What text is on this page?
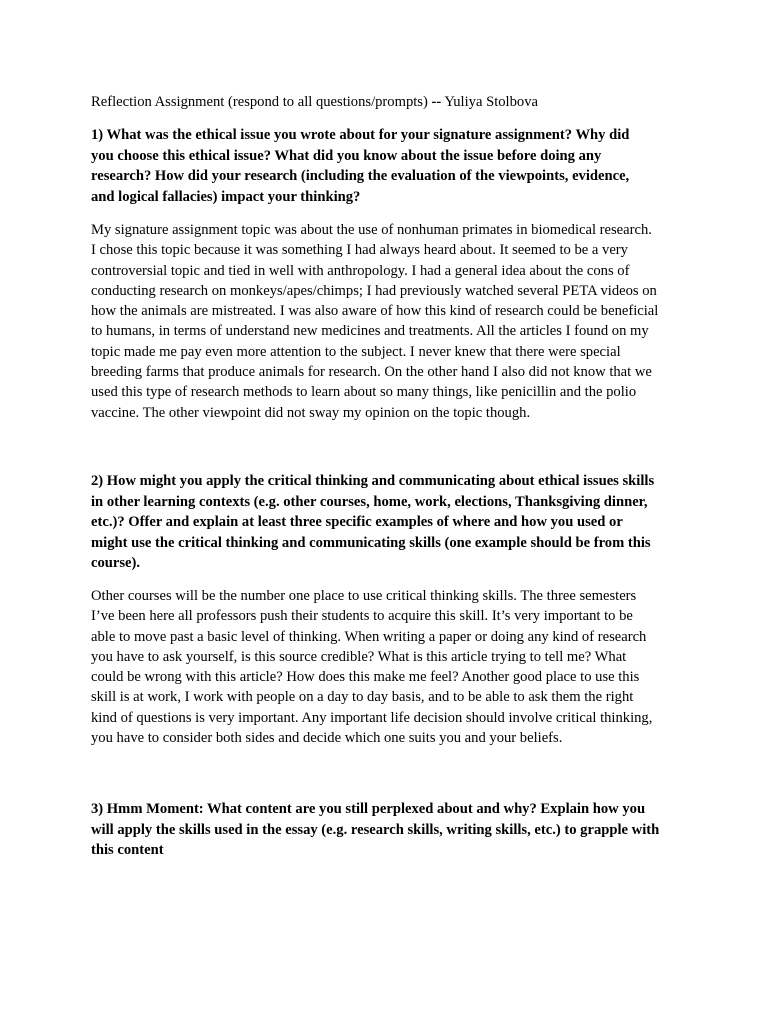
Reflection Assignment (respond to all questions/prompts) -- Yuliya Stolbova
1) What was the ethical issue you wrote about for your signature assignment? Why did
you choose this ethical issue? What did you know about the issue before doing any
research? How did your research (including the evaluation of the viewpoints, evidence,
and logical fallacies) impact your thinking?
My signature assignment topic was about the use of nonhuman primates in biomedical research.
I chose this topic because it was something I had always heard about. It seemed to be a very
controversial topic and tied in well with anthropology. I had a general idea about the cons of
conducting research on monkeys/apes/chimps; I had previously watched several PETA videos on
how the animals are mistreated. I was also aware of how this kind of research could be beneficial
to humans, in terms of understand new medicines and treatments. All the articles I found on my
topic made me pay even more attention to the subject. I never knew that there were special
breeding farms that produce animals for research. On the other hand I also did not know that we
used this type of research methods to learn about so many things, like penicillin and the polio
vaccine. The other viewpoint did not sway my opinion on the topic though.
2) How might you apply the critical thinking and communicating about ethical issues skills
in other learning contexts (e.g. other courses, home, work, elections, Thanksgiving dinner,
etc.)? Offer and explain at least three specific examples of where and how you used or
might use the critical thinking and communicating skills (one example should be from this
course).
Other courses will be the number one place to use critical thinking skills. The three semesters
I’ve been here all professors push their students to acquire this skill. It’s very important to be
able to move past a basic level of thinking. When writing a paper or doing any kind of research
you have to ask yourself, is this source credible? What is this article trying to tell me? What
could be wrong with this article? How does this make me feel? Another good place to use this
skill is at work, I work with people on a day to day basis, and to be able to ask them the right
kind of questions is very important. Any important life decision should involve critical thinking,
you have to consider both sides and decide which one suits you and your beliefs.
3) Hmm Moment: What content are you still perplexed about and why? Explain how you
will apply the skills used in the essay (e.g. research skills, writing skills, etc.) to grapple with
this content
